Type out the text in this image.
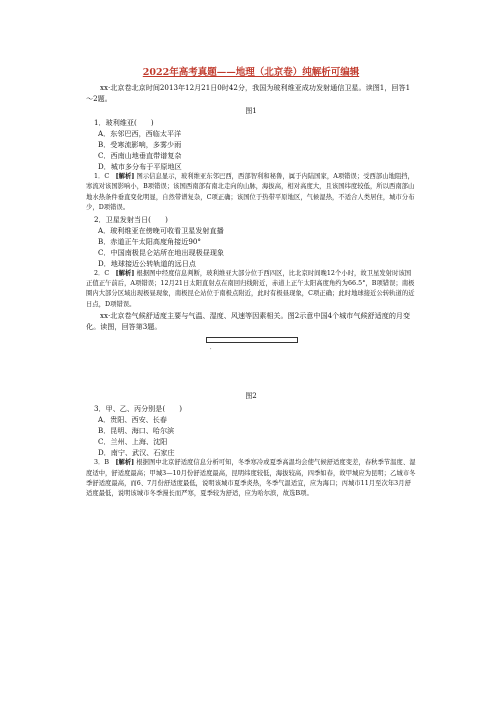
2022年高考真题——地理（北京卷）纯解析可编辑

xx·北京卷北京时间2013年12月21日0时42分，我国为玻利维亚成功发射通信卫星。读图1，回答1～2题。

图1

1．玻利维亚(　　)

A．东邻巴西，西临太平洋

B．受寒流影响，多雾少雨

C．西南山地垂直带谱复杂

D．城市多分布于平原地区

1．C　 [解析] 图示信息显示，玻利维亚东邻巴西，西部智利和秘鲁，属于内陆国家，A项错误；受西部山地阻挡，寒流对该国影响小，B项错误；该国西南部有南北走向的山脉，海拔高，相对高度大，且该国纬度较低，所以西南部山地水热条件垂直变化明显，自然带谱复杂，C项正确；该国位于热带平原地区，气候湿热，不适合人类居住，城市分布少，D项错误。

2．卫星发射当日(　　)

A．玻利维亚在傍晚可收看卫星发射直播

B．赤道正午太阳高度角接近90°

C．中国南极昆仑站所在地出现极昼现象

D．地球接近公转轨道的远日点

2．C　 [解析] 根据图中经度信息判断，玻利维亚大部分位于西四区，比北京时间晚12个小时，故卫星发射时该国正值正午前后，A项错误；12月21日太阳直射点在南回归线附近，赤道上正午太阳高度角约为66.5°，B项错误；南极圈内大部分区域出现极昼现象，南极昆仑站位于南极点附近，此时有极昼现象，C项正确；此时地球接近公转轨道的近日点，D项错误。

xx·北京卷气候舒适度主要与气温、湿度、风速等因素相关。图2示意中国4个城市气候舒适度的月变化。读图，回答第3题。

′

图2

3．甲、乙、丙分别是(　　)

A．贵阳、西安、长春

B．昆明、海口、哈尔滨

C．兰州、上海、沈阳

D．南宁、武汉、石家庄

3．B　 [解析] 根据图中北京舒适度信息分析可知，冬季寒冷或夏季高温均会使气候舒适度变差，春秋季节温度、湿度适中，舒适度最高；甲城3—10月份舒适度最高，昆明纬度较低，海拔较高，四季如春，故甲城应为昆明；乙城市冬季舒适度最高，而6、7月份舒适度最低，说明该城市夏季炎热，冬季气温适宜，应为海口；丙城市11月至次年3月舒适度最低，说明该城市冬季漫长而严寒，夏季较为舒适，应为哈尔滨，故选B项。
